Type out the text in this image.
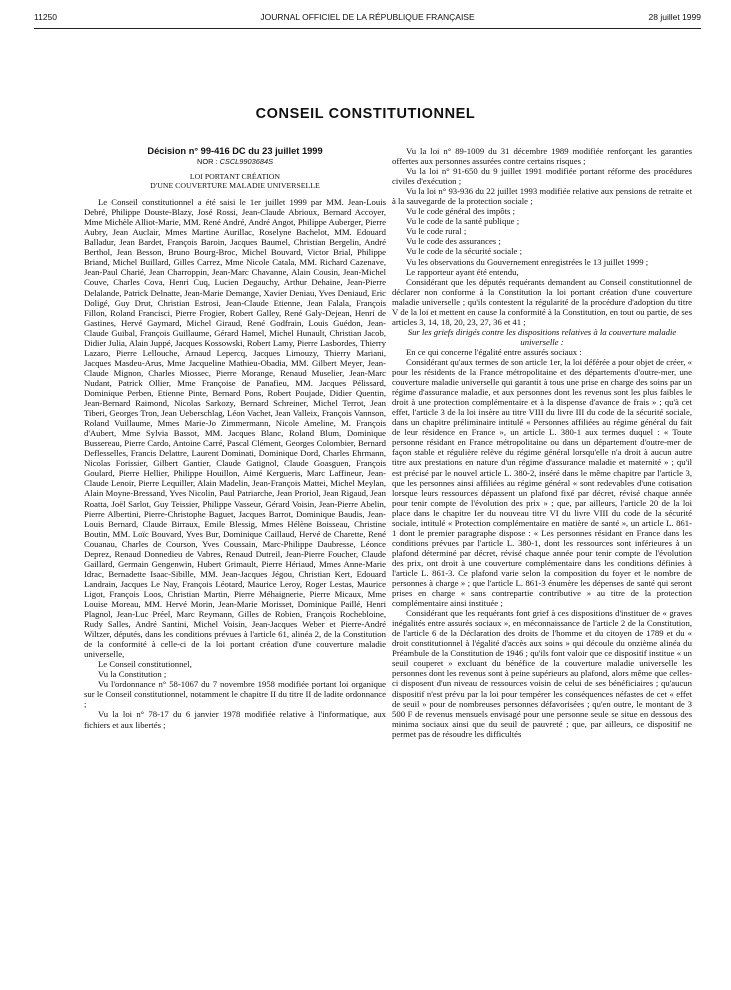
11250	JOURNAL OFFICIEL DE LA RÉPUBLIQUE FRANÇAISE	28 juillet 1999
CONSEIL CONSTITUTIONNEL
Décision n° 99-416 DC du 23 juillet 1999
NOR : CSCL9903684S
LOI PORTANT CRÉATION
D'UNE COUVERTURE MALADIE UNIVERSELLE

Le Conseil constitutionnel a été saisi le 1er juillet 1999 par MM. Jean-Louis Debré, Philippe Douste-Blazy, José Rossi, Jean-Claude Abrioux, Bernard Accoyer, Mme Michèle Alliot-Marie, MM. René André, André Angot, Philippe Auberger, Pierre Aubry, Jean Auclair, Mmes Martine Aurillac, Roselyne Bachelot, MM. Edouard Balladur, Jean Bardet, François Baroin, Jacques Baumel, Christian Bergelin, André Berthol, Jean Besson, Bruno Bourg-Broc, Michel Bouvard, Victor Brial, Philippe Briand, Michel Buillard, Gilles Carrez, Mme Nicole Catala, MM. Richard Cazenave, Jean-Paul Charié, Jean Charroppin, Jean-Marc Chavanne, Alain Cousin, Jean-Michel Couve, Charles Cova, Henri Cuq, Lucien Degauchy, Arthur Dehaine, Jean-Pierre Delalande, Patrick Delnatte, Jean-Marie Demange, Xavier Deniau, Yves Deniaud, Eric Doligé, Guy Drut, Christian Estrosi, Jean-Claude Etienne, Jean Falala, François Fillon, Roland Francisci, Pierre Frogier, Robert Galley, René Galy-Dejean, Henri de Gastines, Hervé Gaymard, Michel Giraud, René Godfrain, Louis Guédon, Jean-Claude Guibal, François Guillaume, Gérard Hamel, Michel Hunault, Christian Jacob, Didier Julia, Alain Juppé, Jacques Kossowski, Robert Lamy, Pierre Lasbordes, Thierry Lazaro, Pierre Lellouche, Arnaud Lepercq, Jacques Limouzy, Thierry Mariani, Jacques Masdeu-Arus, Mme Jacqueline Mathieu-Obadia, MM. Gilbert Meyer, Jean-Claude Mignon, Charles Miossec, Pierre Morange, Renaud Muselier, Jean-Marc Nudant, Patrick Ollier, Mme Françoise de Panafieu, MM. Jacques Pélissard, Dominique Perben, Etienne Pinte, Bernard Pons, Robert Poujade, Didier Quentin, Jean-Bernard Raimond, Nicolas Sarkozy, Bernard Schreiner, Michel Terrot, Jean Tiberi, Georges Tron, Jean Ueberschlag, Léon Vachet, Jean Valleix, François Vannson, Roland Vuillaume, Mmes Marie-Jo Zimmermann, Nicole Ameline, M. François d'Aubert, Mme Sylvia Bassot, MM. Jacques Blanc, Roland Blum, Dominique Bussereau, Pierre Cardo, Antoine Carré, Pascal Clément, Georges Colombier, Bernard Deflesselles, Francis Delattre, Laurent Dominati, Dominique Dord, Charles Ehrmann, Nicolas Forissier, Gilbert Gantier, Claude Gatignol, Claude Goasguen, François Goulard, Pierre Hellier, Philippe Houillon, Aimé Kergueris, Marc Laffineur, Jean-Claude Lenoir, Pierre Lequiller, Alain Madelin, Jean-François Mattei, Michel Meylan, Alain Moyne-Bressand, Yves Nicolin, Paul Patriarche, Jean Proriol, Jean Rigaud, Jean Roatta, Joël Sarlot, Guy Teissier, Philippe Vasseur, Gérard Voisin, Jean-Pierre Abelin, Pierre Albertini, Pierre-Christophe Baguet, Jacques Barrot, Dominique Baudis, Jean-Louis Bernard, Claude Birraux, Emile Blessig, Mmes Hélène Boisseau, Christine Boutin, MM. Loïc Bouvard, Yves Bur, Dominique Caillaud, Hervé de Charette, René Couanau, Charles de Courson, Yves Coussain, Marc-Philippe Daubresse, Léonce Deprez, Renaud Donnedieu de Vabres, Renaud Dutreil, Jean-Pierre Foucher, Claude Gaillard, Germain Gengenwin, Hubert Grimault, Pierre Hériaud, Mmes Anne-Marie Idrac, Bernadette Isaac-Sibille, MM. Jean-Jacques Jégou, Christian Kert, Edouard Landrain, Jacques Le Nay, François Léotard, Maurice Leroy, Roger Lestas, Maurice Ligot, François Loos, Christian Martin, Pierre Méhaignerie, Pierre Micaux, Mme Louise Moreau, MM. Hervé Morin, Jean-Marie Morisset, Dominique Paillé, Henri Plagnol, Jean-Luc Préel, Marc Reymann, Gilles de Robien, François Rochebloine, Rudy Salles, André Santini, Michel Voisin, Jean-Jacques Weber et Pierre-André Wiltzer, députés, dans les conditions prévues à l'article 61, alinéa 2, de la Constitution de la conformité à celle-ci de la loi portant création d'une couverture maladie universelle,

Le Conseil constitutionnel,

Vu la Constitution ;

Vu l'ordonnance n° 58-1067 du 7 novembre 1958 modifiée portant loi organique sur le Conseil constitutionnel, notamment le chapitre II du titre II de ladite ordonnance ;

Vu la loi n° 78-17 du 6 janvier 1978 modifiée relative à l'informatique, aux fichiers et aux libertés ;

Vu la loi n° 89-1009 du 31 décembre 1989 modifiée renforçant les garanties offertes aux personnes assurées contre certains risques ;

Vu la loi n° 91-650 du 9 juillet 1991 modifiée portant réforme des procédures civiles d'exécution ;

Vu la loi n° 93-936 du 22 juillet 1993 modifiée relative aux pensions de retraite et à la sauvegarde de la protection sociale ;

Vu le code général des impôts ;

Vu le code de la santé publique ;

Vu le code rural ;

Vu le code des assurances ;

Vu le code de la sécurité sociale ;

Vu les observations du Gouvernement enregistrées le 13 juillet 1999 ;

Le rapporteur ayant été entendu,

Considérant que les députés requérants demandent au Conseil constitutionnel de déclarer non conforme à la Constitution la loi portant création d'une couverture maladie universelle ; qu'ils contestent la régularité de la procédure d'adoption du titre V de la loi et mettent en cause la conformité à la Constitution, en tout ou partie, de ses articles 3, 14, 18, 20, 23, 27, 36 et 41 ;

Sur les griefs dirigés contre les dispositions relatives à la couverture maladie universelle :

En ce qui concerne l'égalité entre assurés sociaux :

Considérant qu'aux termes de son article 1er, la loi déférée a pour objet de créer, « pour les résidents de la France métropolitaine et des départements d'outre-mer, une couverture maladie universelle qui garantit à tous une prise en charge des soins par un régime d'assurance maladie, et aux personnes dont les revenus sont les plus faibles le droit à une protection complémentaire et à la dispense d'avance de frais » ; qu'à cet effet, l'article 3 de la loi insère au titre VIII du livre III du code de la sécurité sociale, dans un chapitre préliminaire intitulé « Personnes affiliées au régime général du fait de leur résidence en France », un article L. 380-1 aux termes duquel : « Toute personne résidant en France métropolitaine ou dans un département d'outre-mer de façon stable et régulière relève du régime général lorsqu'elle n'a droit à aucun autre titre aux prestations en nature d'un régime d'assurance maladie et maternité » ; qu'il est précisé par le nouvel article L. 380-2, inséré dans le même chapitre par l'article 3, que les personnes ainsi affiliées au régime général « sont redevables d'une cotisation lorsque leurs ressources dépassent un plafond fixé par décret, révisé chaque année pour tenir compte de l'évolution des prix » ; que, par ailleurs, l'article 20 de la loi place dans le chapitre Ier du nouveau titre VI du livre VIII du code de la sécurité sociale, intitulé « Protection complémentaire en matière de santé », un article L. 861-1 dont le premier paragraphe dispose : « Les personnes résidant en France dans les conditions prévues par l'article L. 380-1, dont les ressources sont inférieures à un plafond déterminé par décret, révisé chaque année pour tenir compte de l'évolution des prix, ont droit à une couverture complémentaire dans les conditions définies à l'article L. 861-3. Ce plafond varie selon la composition du foyer et le nombre de personnes à charge » ; que l'article L. 861-3 énumère les dépenses de santé qui seront prises en charge « sans contrepartie contributive » au titre de la protection complémentaire ainsi instituée ;

Considérant que les requérants font grief à ces dispositions d'instituer de « graves inégalités entre assurés sociaux », en méconnaissance de l'article 2 de la Constitution, de l'article 6 de la Déclaration des droits de l'homme et du citoyen de 1789 et du « droit constitutionnel à l'égalité d'accès aux soins » qui découle du onzième alinéa du Préambule de la Constitution de 1946 ; qu'ils font valoir que ce dispositif institue « un seuil couperet » excluant du bénéfice de la couverture maladie universelle les personnes dont les revenus sont à peine supérieurs au plafond, alors même que celles-ci disposent d'un niveau de ressources voisin de celui de ses bénéficiaires ; qu'aucun dispositif n'est prévu par la loi pour tempérer les conséquences néfastes de cet « effet de seuil » pour de nombreuses personnes défavorisées ; qu'en outre, le montant de 3 500 F de revenus mensuels envisagé pour une personne seule se situe en dessous des minima sociaux ainsi que du seuil de pauvreté ; que, par ailleurs, ce dispositif ne permet pas de résoudre les difficultés
